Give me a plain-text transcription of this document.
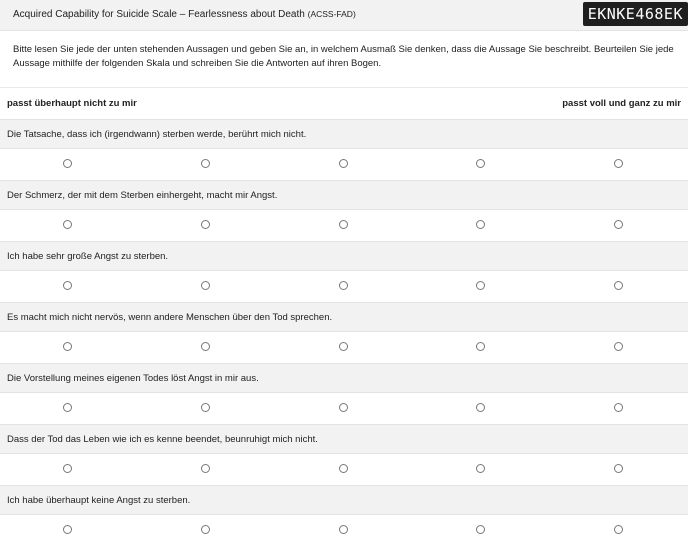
Acquired Capability for Suicide Scale – Fearlessness about Death (ACSS-FAD)	EKNKE468EK
Bitte lesen Sie jede der unten stehenden Aussagen und geben Sie an, in welchem Ausmaß Sie denken, dass die Aussage Sie beschreibt. Beurteilen Sie jede Aussage mithilfe der folgenden Skala und schreiben Sie die Antworten auf ihren Bogen.
passt überhaupt nicht zu mir	passt voll und ganz zu mir
Die Tatsache, dass ich (irgendwann) sterben werde, berührt mich nicht.
Der Schmerz, der mit dem Sterben einhergeht, macht mir Angst.
Ich habe sehr große Angst zu sterben.
Es macht mich nicht nervös, wenn andere Menschen über den Tod sprechen.
Die Vorstellung meines eigenen Todes löst Angst in mir aus.
Dass der Tod das Leben wie ich es kenne beendet, beunruhigt mich nicht.
Ich habe überhaupt keine Angst zu sterben.
